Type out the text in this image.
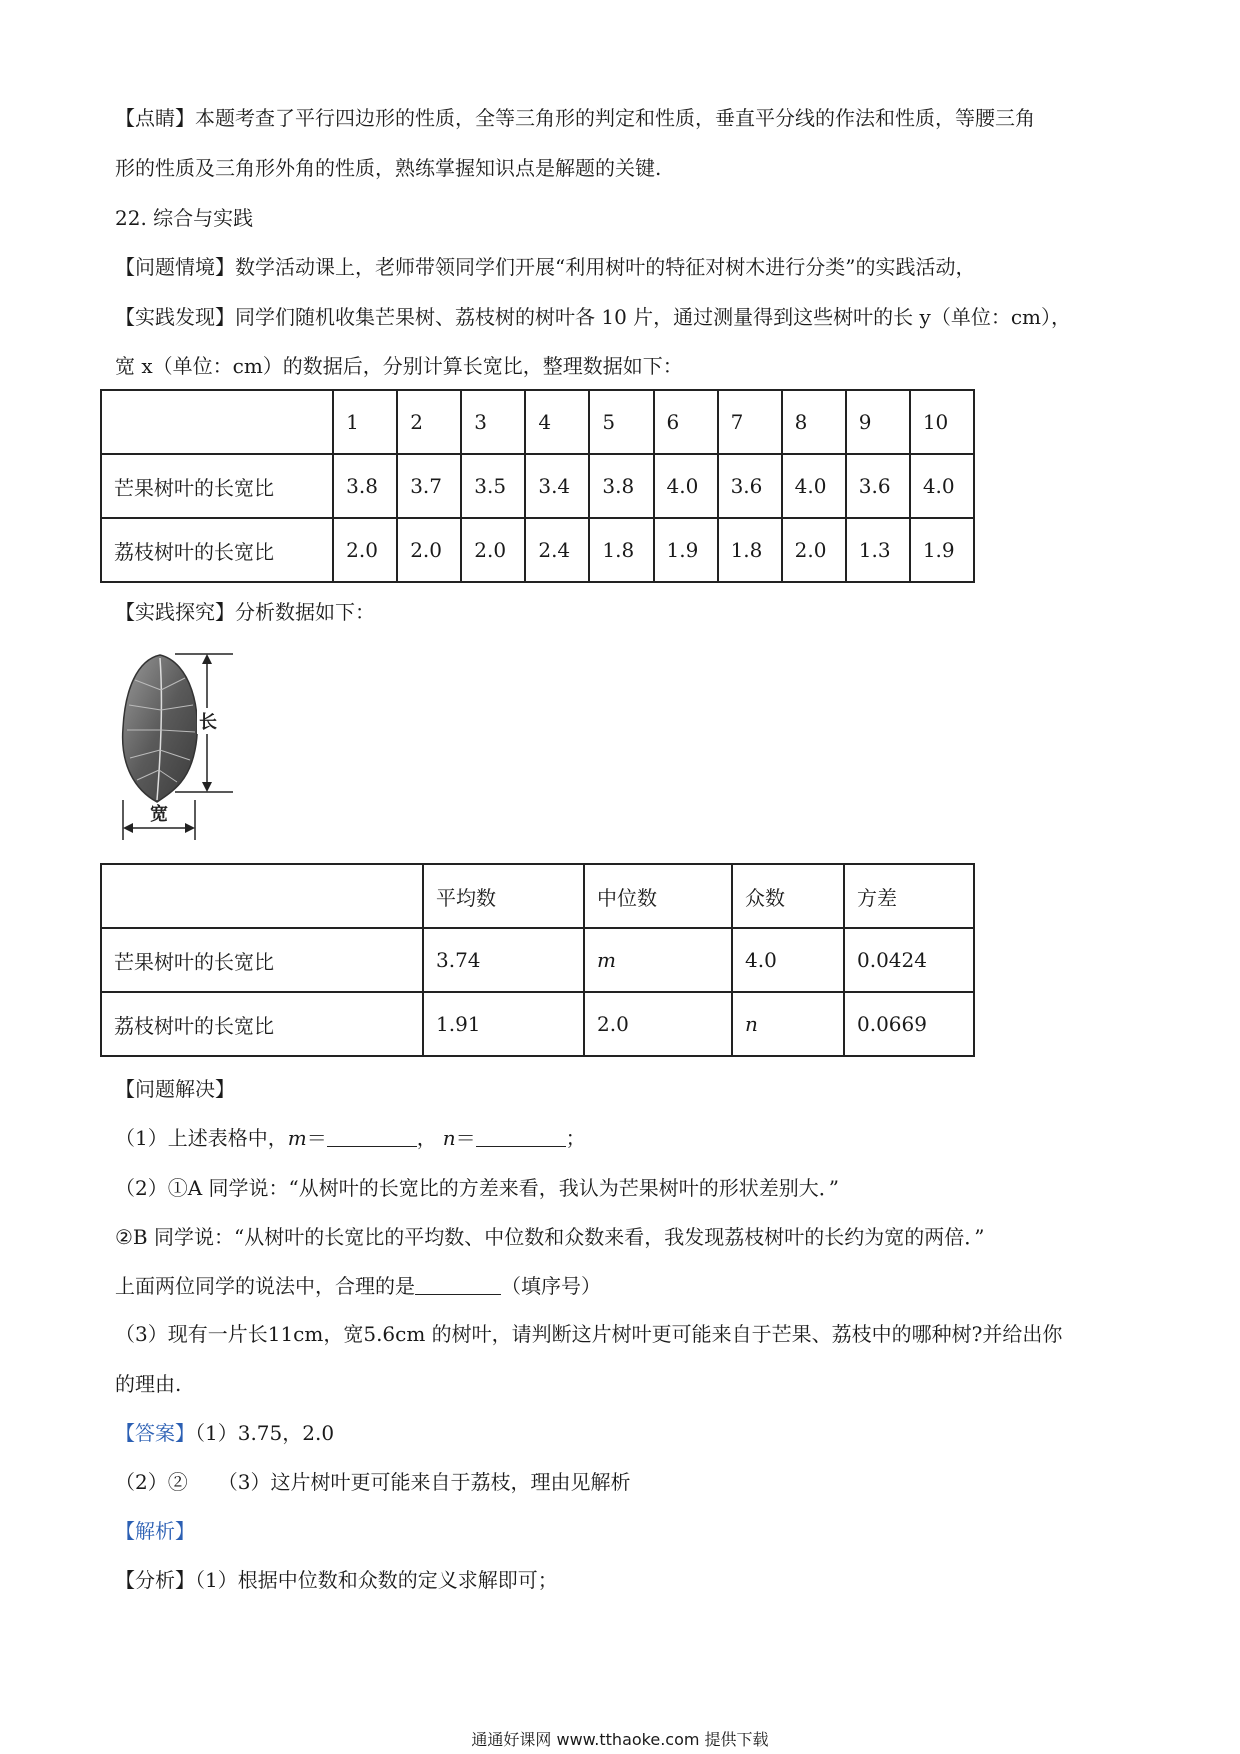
【点睛】本题考查了平行四边形的性质，全等三角形的判定和性质，垂直平分线的作法和性质，等腰三角
形的性质及三角形外角的性质，熟练掌握知识点是解题的关键.
22. 综合与实践
【问题情境】数学活动课上，老师带领同学们开展“利用树叶的特征对树木进行分类”的实践活动，
【实践发现】同学们随机收集芒果树、荔枝树的树叶各 10 片，通过测量得到这些树叶的长 y（单位：cm），
宽 x（单位：cm）的数据后，分别计算长宽比，整理数据如下：
	1	2	3	4	5	6	7	8	9	10
芒果树叶的长宽比	3.8	3.7	3.5	3.4	3.8	4.0	3.6	4.0	3.6	4.0
荔枝树叶的长宽比	2.0	2.0	2.0	2.4	1.8	1.9	1.8	2.0	1.3	1.9
【实践探究】分析数据如下：
长
宽
	平均数	中位数	众数	方差
芒果树叶的长宽比	3.74	m	4.0	0.0424
荔枝树叶的长宽比	1.91	2.0	n	0.0669
【问题解决】
（1）上述表格中，m＝	， n＝	；
（2）①A 同学说：“从树叶的长宽比的方差来看，我认为芒果树叶的形状差别大．”
②B 同学说：“从树叶的长宽比的平均数、中位数和众数来看，我发现荔枝树叶的长约为宽的两倍．”
上面两位同学的说法中，合理的是	（填序号）
（3）现有一片长11cm，宽5.6cm 的树叶，请判断这片树叶更可能来自于芒果、荔枝中的哪种树?并给出你
的理由.
【答案】（1）3.75，2.0
（2）②　　（3）这片树叶更可能来自于荔枝，理由见解析
【解析】
【分析】（1）根据中位数和众数的定义求解即可；
通通好课网 www.tthaoke.com 提供下载
